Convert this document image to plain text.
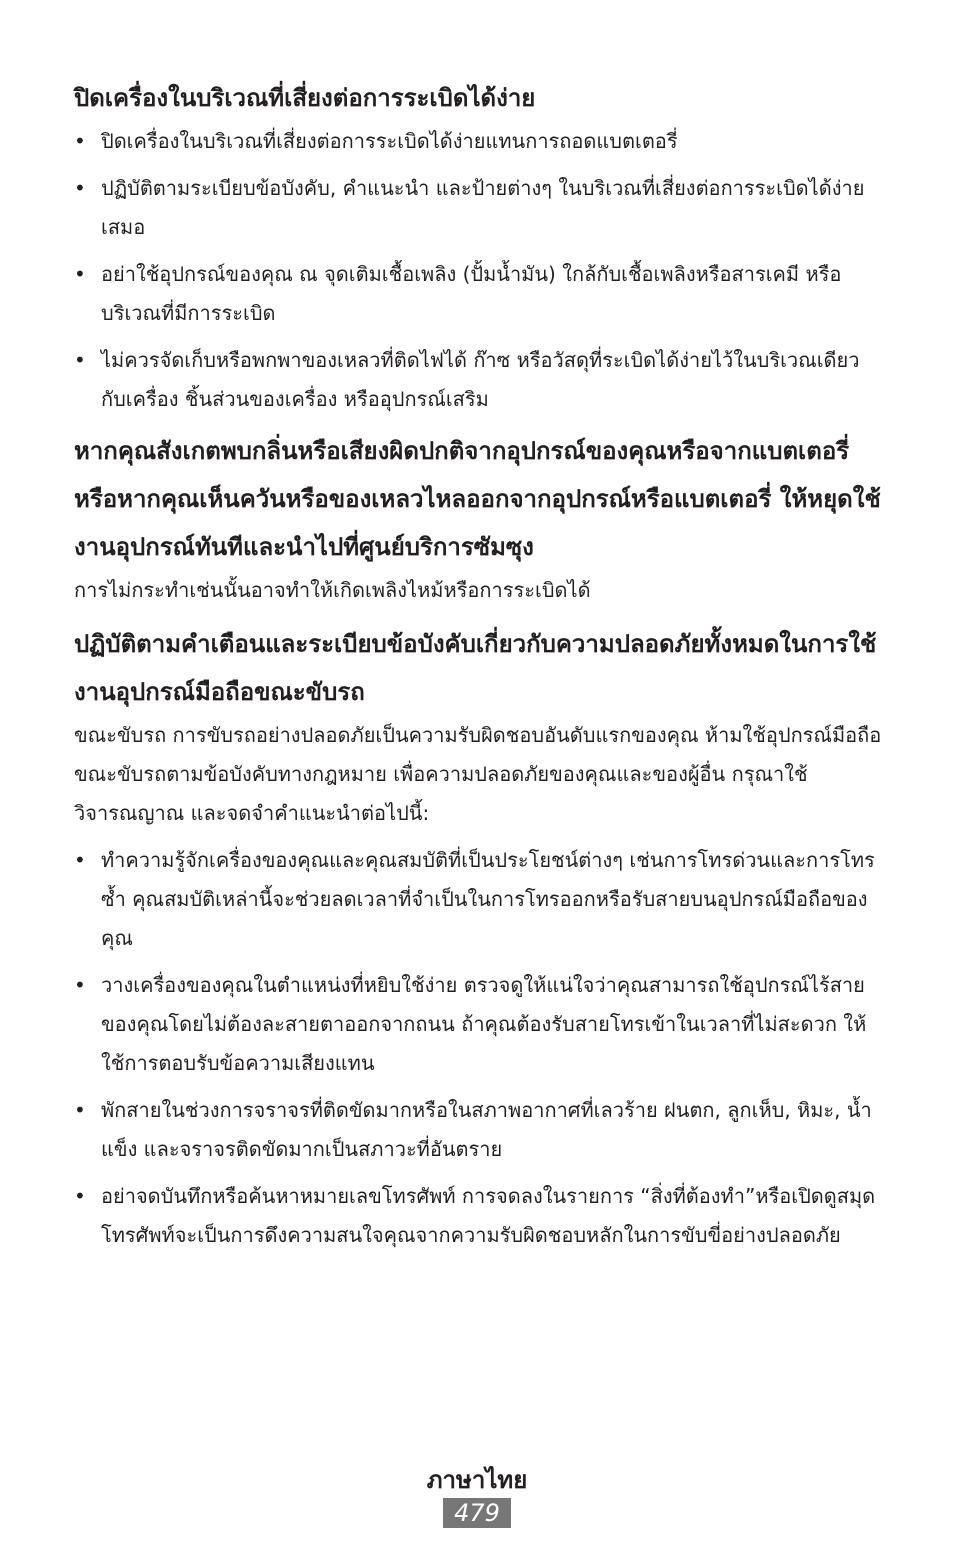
ปิดเครื่องในบริเวณที่เสี่ยงต่อการระเบิดได้ง่าย
• ปิดเครื่องในบริเวณที่เสี่ยงต่อการระเบิดได้ง่ายแทนการถอดแบตเตอรี่
• ปฏิบัติตามระเบียบข้อบังคับ, คำแนะนำ และป้ายต่างๆ ในบริเวณที่เสี่ยงต่อการระเบิดได้ง่ายเสมอ
• อย่าใช้อุปกรณ์ของคุณ ณ จุดเติมเชื้อเพลิง (ปั้มน้ำมัน) ใกล้กับเชื้อเพลิงหรือสารเคมี หรือบริเวณที่มีการระเบิด
• ไม่ควรจัดเก็บหรือพกพาของเหลวที่ติดไฟได้ ก๊าซ หรือวัสดุที่ระเบิดได้ง่ายไว้ในบริเวณเดียวกับเครื่อง ชิ้นส่วนของเครื่อง หรืออุปกรณ์เสริม
หากคุณสังเกตพบกลิ่นหรือเสียงผิดปกติจากอุปกรณ์ของคุณหรือจากแบตเตอรี่ หรือหากคุณเห็นควันหรือของเหลวไหลออกจากอุปกรณ์หรือแบตเตอรี่ ให้หยุดใช้งานอุปกรณ์ทันทีและนำไปที่ศูนย์บริการซัมซุง

การไม่กระทำเช่นนั้นอาจทำให้เกิดเพลิงไหม้หรือการระเบิดได้

ปฏิบัติตามคำเตือนและระเบียบข้อบังคับเกี่ยวกับความปลอดภัยทั้งหมดในการใช้งานอุปกรณ์มือถือขณะขับรถ

ขณะขับรถ การขับรถอย่างปลอดภัยเป็นความรับผิดชอบอันดับแรกของคุณ ห้ามใช้อุปกรณ์มือถือขณะขับรถตามข้อบังคับทางกฎหมาย เพื่อความปลอดภัยของคุณและของผู้อื่น กรุณาใช้วิจารณญาณ และจดจำคำแนะนำต่อไปนี้:

• ทำความรู้จักเครื่องของคุณและคุณสมบัติที่เป็นประโยชน์ต่างๆ เช่นการโทรด่วนและการโทรซ้ำ คุณสมบัติเหล่านี้จะช่วยลดเวลาที่จำเป็นในการโทรออกหรือรับสายบนอุปกรณ์มือถือของคุณ
• วางเครื่องของคุณในตำแหน่งที่หยิบใช้ง่าย ตรวจดูให้แน่ใจว่าคุณสามารถใช้อุปกรณ์ไร้สายของคุณโดยไม่ต้องละสายตาออกจากถนน ถ้าคุณต้องรับสายโทรเข้าในเวลาที่ไม่สะดวก ให้ใช้การตอบรับข้อความเสียงแทน
• พักสายในช่วงการจราจรที่ติดขัดมากหรือในสภาพอากาศที่เลวร้าย ฝนตก, ลูกเห็บ, หิมะ, น้ำแข็ง และจราจรติดขัดมากเป็นสภาวะที่อันตราย
• อย่าจดบันทึกหรือค้นหาหมายเลขโทรศัพท์ การจดลงในรายการ “สิ่งที่ต้องทำ”หรือเปิดดูสมุดโทรศัพท์จะเป็นการดึงความสนใจคุณจากความรับผิดชอบหลักในการขับขี่อย่างปลอดภัย
ภาษาไทย
479
